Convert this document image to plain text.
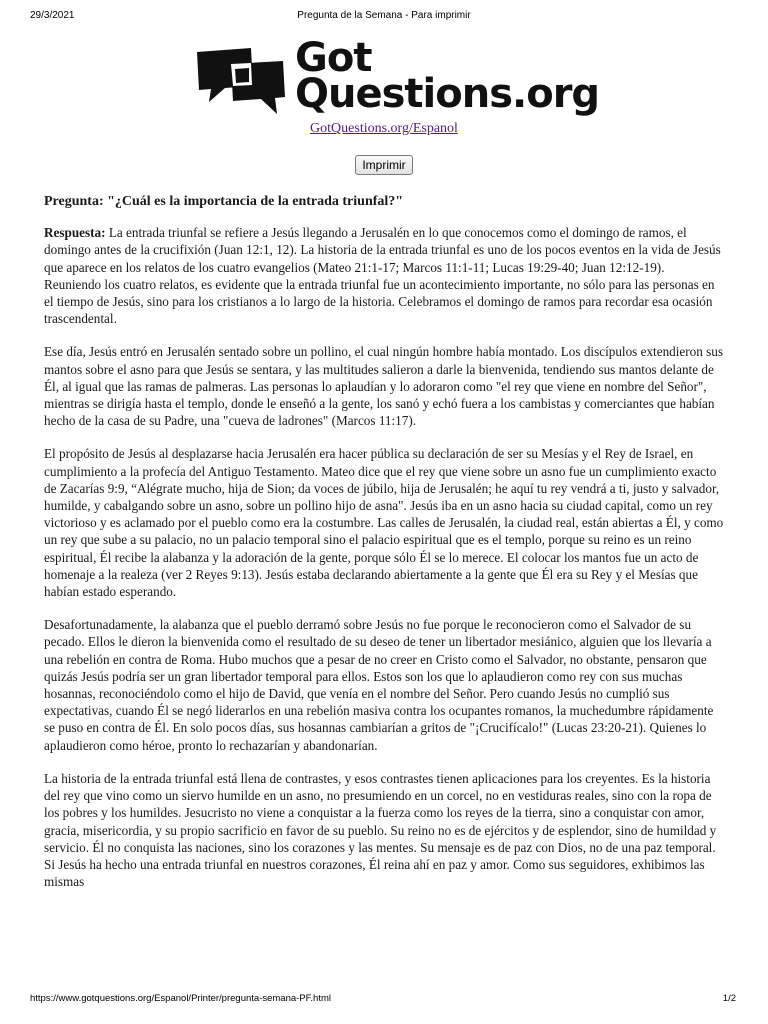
29/3/2021	Pregunta de la Semana - Para imprimir
Got
Questions.org
GotQuestions.org/Espanol
Imprimir

Pregunta: "¿Cuál es la importancia de la entrada triunfal?"

Respuesta: La entrada triunfal se refiere a Jesús llegando a Jerusalén en lo que conocemos como el domingo de ramos, el domingo antes de la crucifixión (Juan 12:1, 12). La historia de la entrada triunfal es uno de los pocos eventos en la vida de Jesús que aparece en los relatos de los cuatro evangelios (Mateo 21:1-17; Marcos 11:1-11; Lucas 19:29-40; Juan 12:12-19). Reuniendo los cuatro relatos, es evidente que la entrada triunfal fue un acontecimiento importante, no sólo para las personas en el tiempo de Jesús, sino para los cristianos a lo largo de la historia. Celebramos el domingo de ramos para recordar esa ocasión trascendental.

Ese día, Jesús entró en Jerusalén sentado sobre un pollino, el cual ningún hombre había montado. Los discípulos extendieron sus mantos sobre el asno para que Jesús se sentara, y las multitudes salieron a darle la bienvenida, tendiendo sus mantos delante de Él, al igual que las ramas de palmeras. Las personas lo aplaudían y lo adoraron como "el rey que viene en nombre del Señor", mientras se dirigía hasta el templo, donde le enseñó a la gente, los sanó y echó fuera a los cambistas y comerciantes que habían hecho de la casa de su Padre, una "cueva de ladrones" (Marcos 11:17).

El propósito de Jesús al desplazarse hacia Jerusalén era hacer pública su declaración de ser su Mesías y el Rey de Israel, en cumplimiento a la profecía del Antiguo Testamento. Mateo dice que el rey que viene sobre un asno fue un cumplimiento exacto de Zacarías 9:9, “Alégrate mucho, hija de Sion; da voces de júbilo, hija de Jerusalén; he aquí tu rey vendrá a ti, justo y salvador, humilde, y cabalgando sobre un asno, sobre un pollino hijo de asna". Jesús iba en un asno hacia su ciudad capital, como un rey victorioso y es aclamado por el pueblo como era la costumbre. Las calles de Jerusalén, la ciudad real, están abiertas a Él, y como un rey que sube a su palacio, no un palacio temporal sino el palacio espiritual que es el templo, porque su reino es un reino espiritual, Él recibe la alabanza y la adoración de la gente, porque sólo Él se lo merece. El colocar los mantos fue un acto de homenaje a la realeza (ver 2 Reyes 9:13). Jesús estaba declarando abiertamente a la gente que Él era su Rey y el Mesías que habían estado esperando.

Desafortunadamente, la alabanza que el pueblo derramó sobre Jesús no fue porque le reconocieron como el Salvador de su pecado. Ellos le dieron la bienvenida como el resultado de su deseo de tener un libertador mesiánico, alguien que los llevaría a una rebelión en contra de Roma. Hubo muchos que a pesar de no creer en Cristo como el Salvador, no obstante, pensaron que quizás Jesús podría ser un gran libertador temporal para ellos. Estos son los que lo aplaudieron como rey con sus muchas hosannas, reconociéndolo como el hijo de David, que venía en el nombre del Señor. Pero cuando Jesús no cumplió sus expectativas, cuando Él se negó liderarlos en una rebelión masiva contra los ocupantes romanos, la muchedumbre rápidamente se puso en contra de Él. En solo pocos días, sus hosannas cambiarían a gritos de "¡Crucifícalo!" (Lucas 23:20-21). Quienes lo aplaudieron como héroe, pronto lo rechazarían y abandonarían.

La historia de la entrada triunfal está llena de contrastes, y esos contrastes tienen aplicaciones para los creyentes. Es la historia del rey que vino como un siervo humilde en un asno, no presumiendo en un corcel, no en vestiduras reales, sino con la ropa de los pobres y los humildes. Jesucristo no viene a conquistar a la fuerza como los reyes de la tierra, sino a conquistar con amor, gracia, misericordia, y su propio sacrificio en favor de su pueblo. Su reino no es de ejércitos y de esplendor, sino de humildad y servicio. Él no conquista las naciones, sino los corazones y las mentes. Su mensaje es de paz con Dios, no de una paz temporal. Si Jesús ha hecho una entrada triunfal en nuestros corazones, Él reina ahí en paz y amor. Como sus seguidores, exhibimos las mismas

https://www.gotquestions.org/Espanol/Printer/pregunta-semana-PF.html	1/2
